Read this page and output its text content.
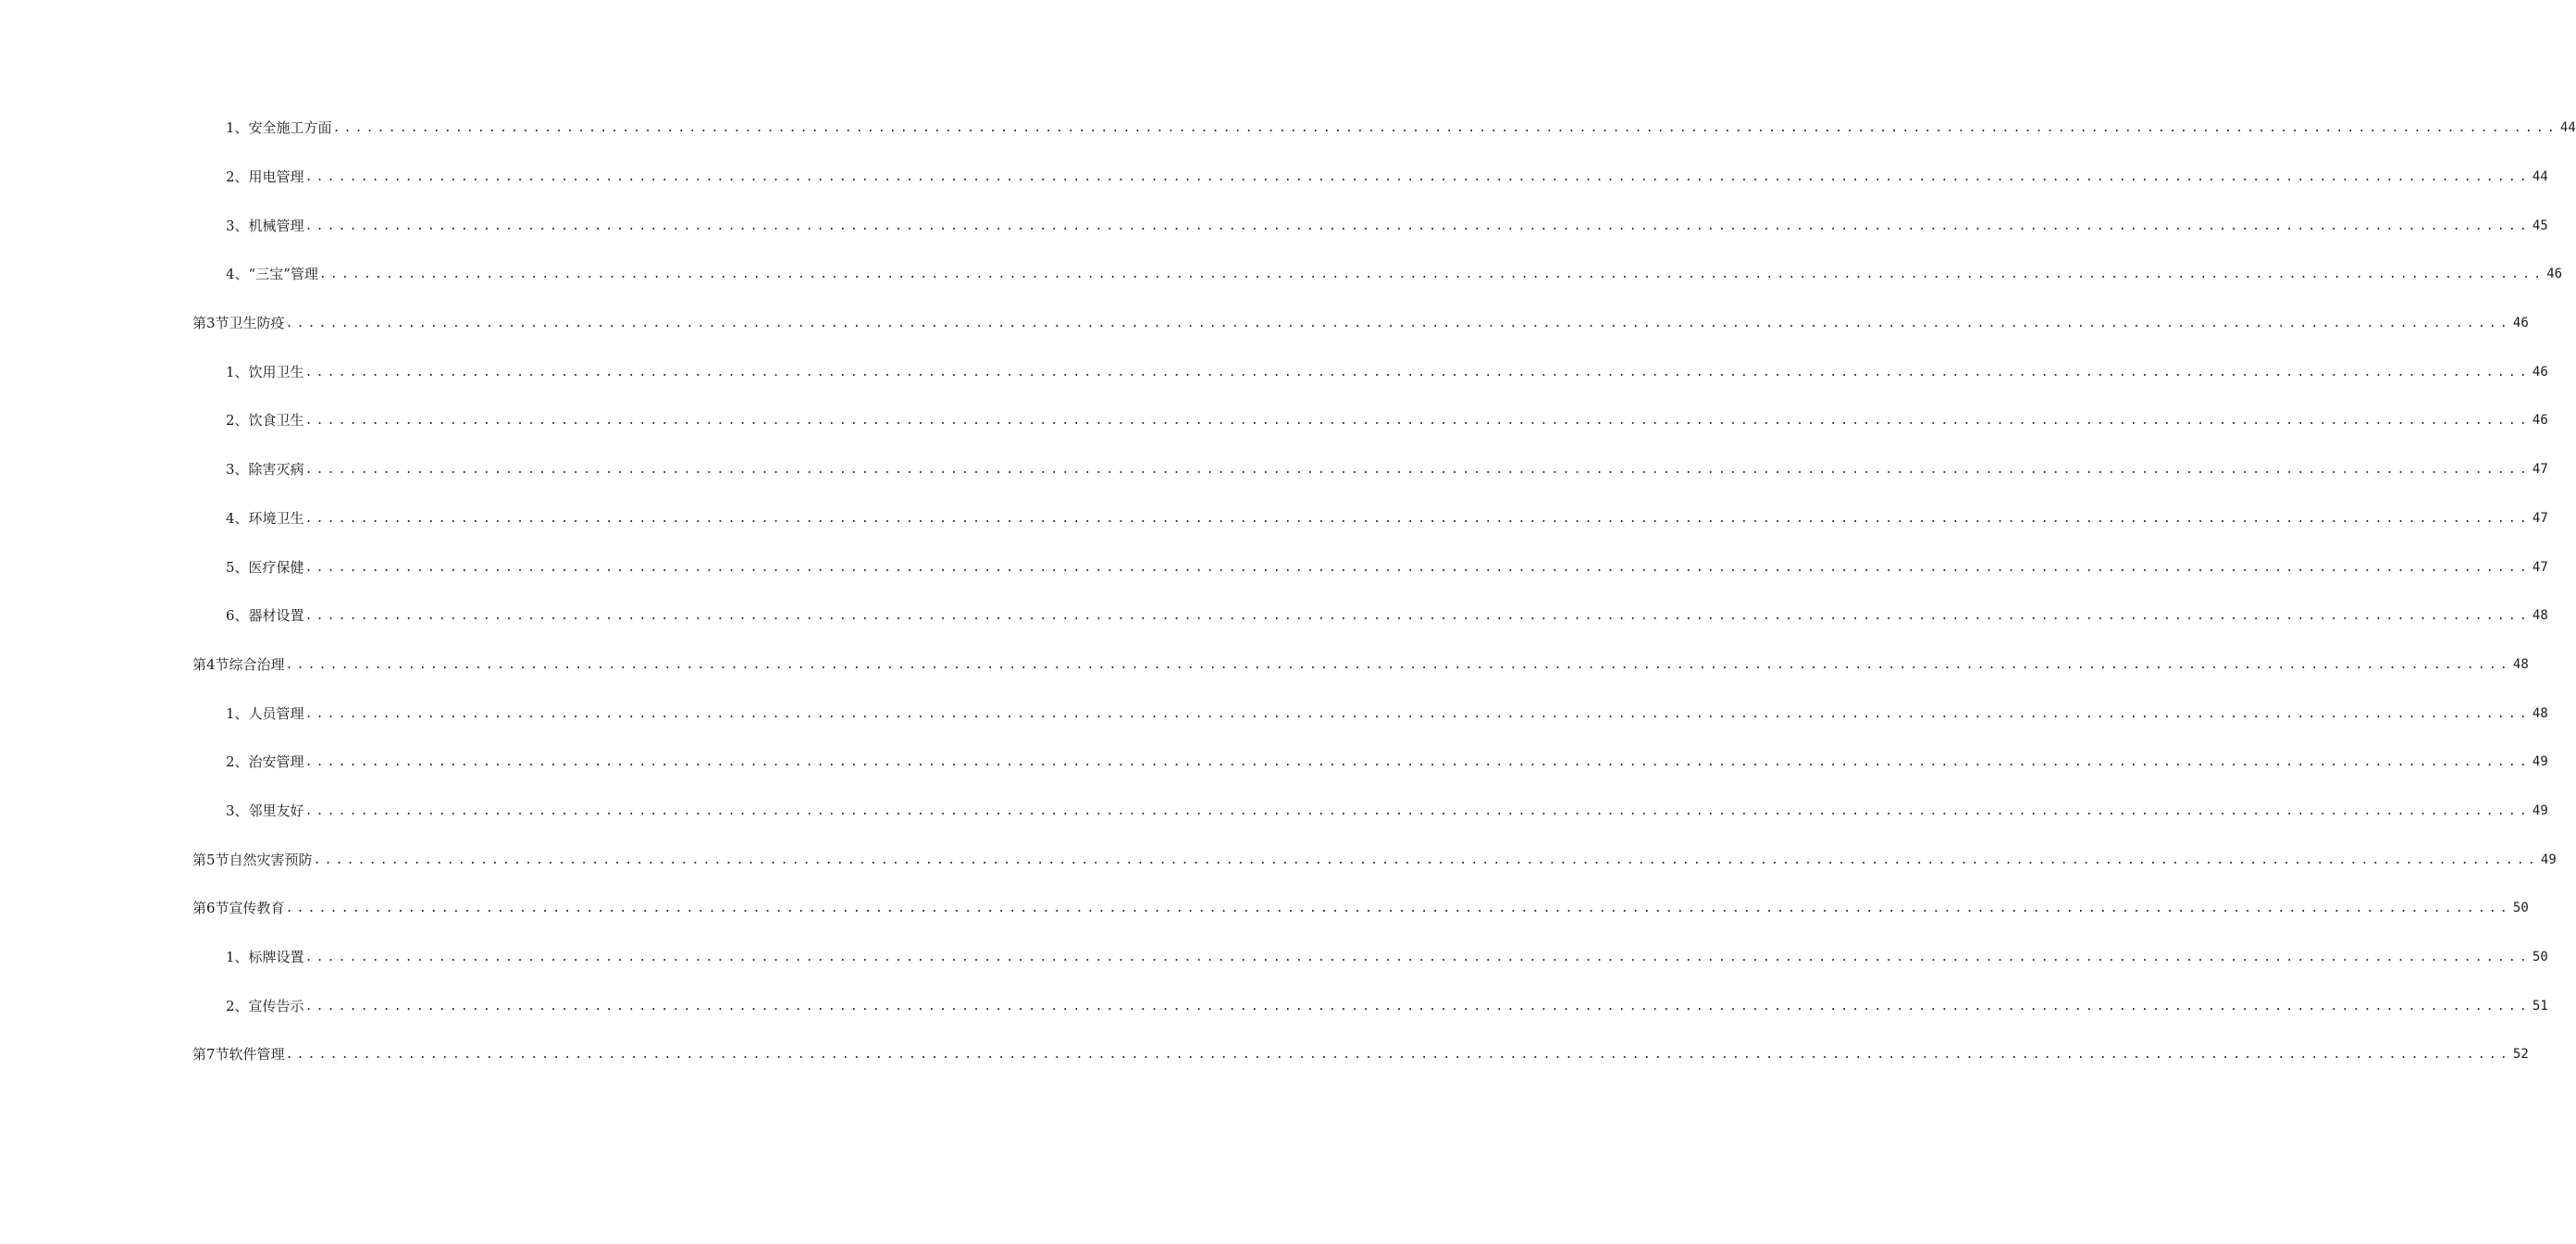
1、 安全施工方面 ........................................................................................................................................................................................................ 44
2、 用电管理 ........................................................................................................................................................................................................ 44
3、 机械管理 ........................................................................................................................................................................................................ 45
4、 “三宝”管理 ........................................................................................................................................................................................................ 46
第3节 卫生防疫 ........................................................................................................................................................................................................ 46
1、 饮用卫生 ........................................................................................................................................................................................................ 46
2、 饮食卫生 ........................................................................................................................................................................................................ 46
3、 除害灭病 ........................................................................................................................................................................................................ 47
4、 环境卫生 ........................................................................................................................................................................................................ 47
5、 医疗保健 ........................................................................................................................................................................................................ 47
6、 器材设置 ........................................................................................................................................................................................................ 48
第4节 综合治理 ........................................................................................................................................................................................................ 48
1、 人员管理 ........................................................................................................................................................................................................ 48
2、 治安管理 ........................................................................................................................................................................................................ 49
3、 邻里友好 ........................................................................................................................................................................................................ 49
第5节 自然灾害预防 ........................................................................................................................................................................................................ 49
第6节 宣传教育 ........................................................................................................................................................................................................ 50
1、 标牌设置 ........................................................................................................................................................................................................ 50
2、 宣传告示 ........................................................................................................................................................................................................ 51
第7节 软件管理 ........................................................................................................................................................................................................ 52
